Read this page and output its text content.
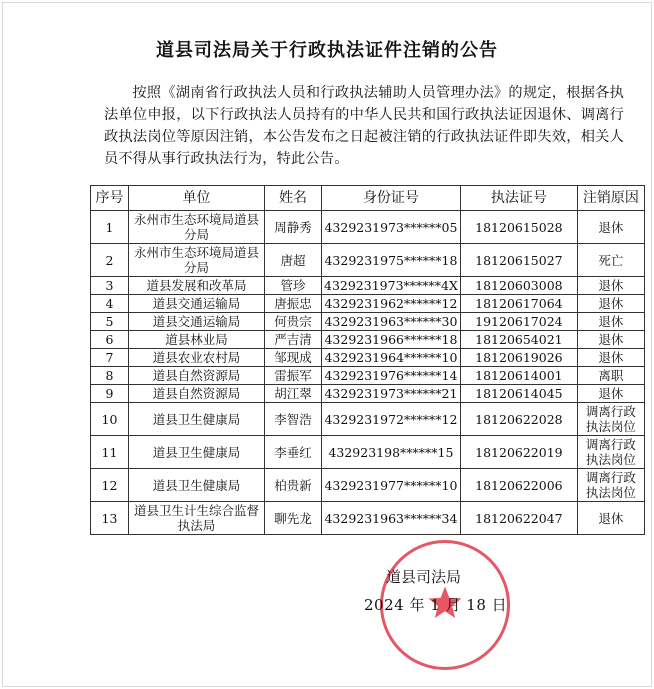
道县司法局关于行政执法证件注销的公告
按照《湖南省行政执法人员和行政执法辅助人员管理办法》的规定，根据各执法单位申报，以下行政执法人员持有的中华人民共和国行政执法证因退休、调离行政执法岗位等原因注销，本公告发布之日起被注销的行政执法证件即失效，相关人员不得从事行政执法行为，特此公告。
序号	单位	姓名	身份证号	执法证号	注销原因
1	永州市生态环境局道县分局	周静秀	4329231973******05	18120615028	退休
2	永州市生态环境局道县分局	唐超	4329231975******18	18120615027	死亡
3	道县发展和改革局	管珍	4329231973******4X	18120603008	退休
4	道县交通运输局	唐振忠	4329231962******12	18120617064	退休
5	道县交通运输局	何贵宗	4329231963******30	19120617024	退休
6	道县林业局	严吉清	4329231966******18	18120654021	退休
7	道县农业农村局	邹现成	4329231964******10	18120619026	退休
8	道县自然资源局	雷振军	4329231976******14	18120614001	离职
9	道县自然资源局	胡江翠	4329231973******21	18120614045	退休
10	道县卫生健康局	李智浩	4329231972******12	18120622028	调离行政执法岗位
11	道县卫生健康局	李垂红	432923198******15	18120622019	调离行政执法岗位
12	道县卫生健康局	柏贵新	4329231977******10	18120622006	调离行政执法岗位
13	道县卫生计生综合监督执法局	聊先龙	4329231963******34	18120622047	退休
道县司法局
2024 年 1 月 18 日
